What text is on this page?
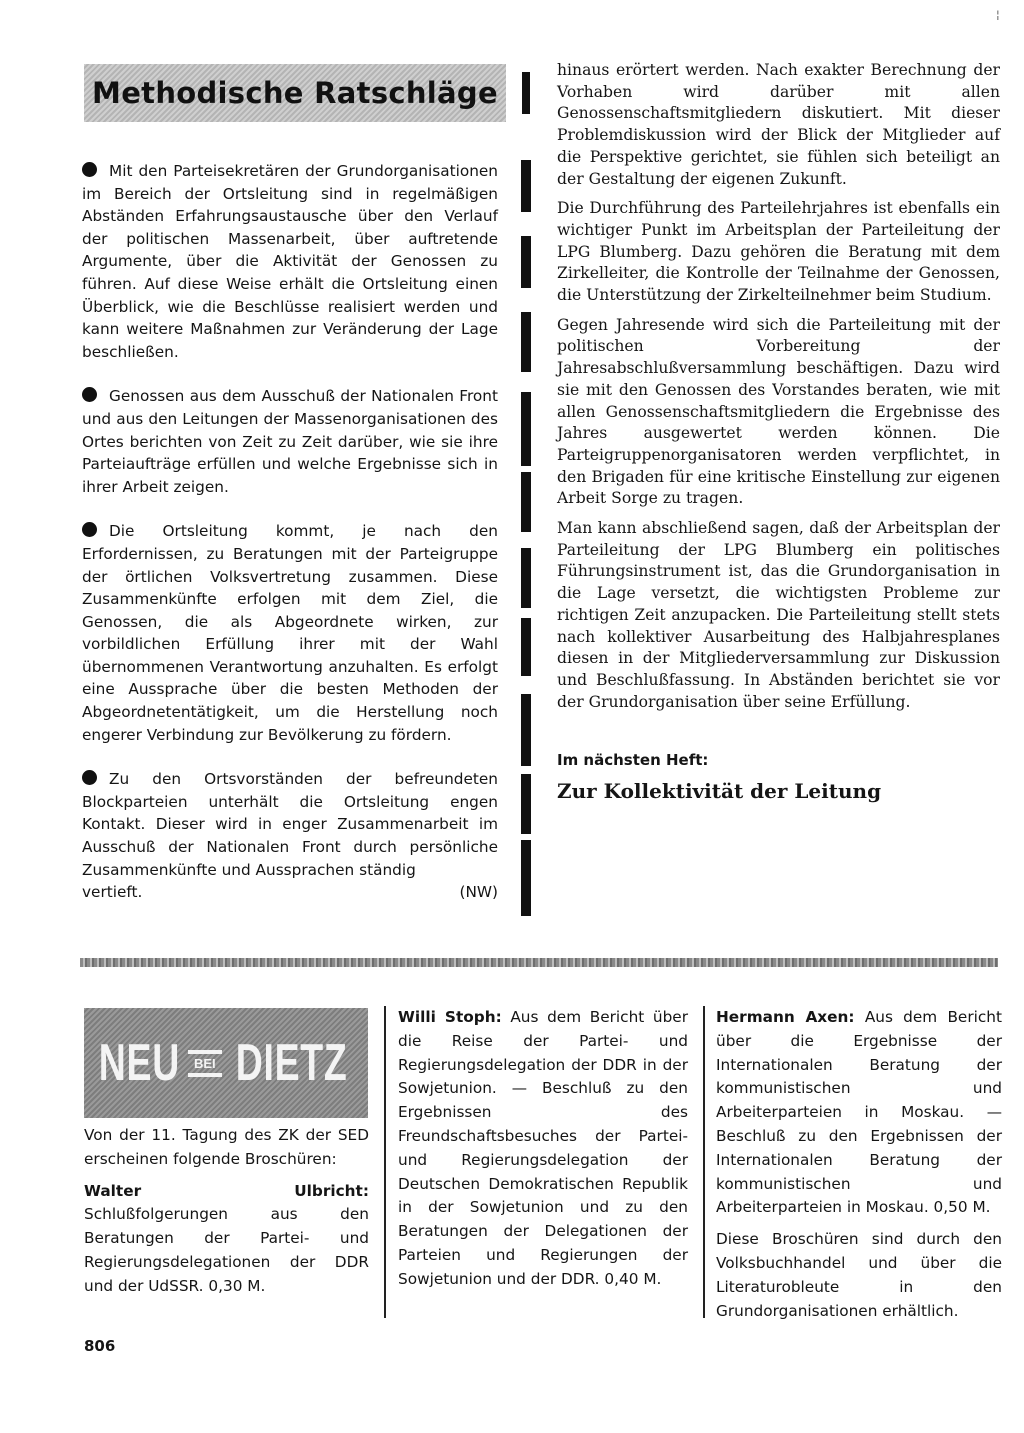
¦
Methodische Ratschläge

Mit den Parteisekretären der Grundorganisationen im Bereich der Ortsleitung sind in regelmäßigen Abständen Erfahrungsaustausche über den Verlauf der politischen Massenarbeit, über auftretende Argumente, über die Aktivität der Genossen zu führen. Auf diese Weise erhält die Ortsleitung einen Überblick, wie die Beschlüsse realisiert werden und kann weitere Maßnahmen zur Veränderung der Lage beschließen.

Genossen aus dem Ausschuß der Nationalen Front und aus den Leitungen der Massenorganisationen des Ortes berichten von Zeit zu Zeit darüber, wie sie ihre Parteiaufträge erfüllen und welche Ergebnisse sich in ihrer Arbeit zeigen.

Die Ortsleitung kommt, je nach den Erfordernissen, zu Beratungen mit der Parteigruppe der örtlichen Volksvertretung zusammen. Diese Zusammenkünfte erfolgen mit dem Ziel, die Genossen, die als Abgeordnete wirken, zur vorbildlichen Erfüllung ihrer mit der Wahl übernommenen Verantwortung anzuhalten. Es erfolgt eine Aussprache über die besten Methoden der Abgeordnetentätigkeit, um die Herstellung noch engerer Verbindung zur Bevölkerung zu fördern.

Zu den Ortsvorständen der befreundeten Blockparteien unterhält die Ortsleitung engen Kontakt. Dieser wird in enger Zusammenarbeit im Ausschuß der Nationalen Front durch persönliche Zusammenkünfte und Aussprachen ständig

vertieft.	(NW)

hinaus erörtert werden. Nach exakter Berechnung der Vorhaben wird darüber mit allen Genossenschaftsmitgliedern diskutiert. Mit dieser Problemdiskussion wird der Blick der Mitglieder auf die Perspektive gerichtet, sie fühlen sich beteiligt an der Gestaltung der eigenen Zukunft.

Die Durchführung des Parteilehrjahres ist ebenfalls ein wichtiger Punkt im Arbeitsplan der Parteileitung der LPG Blumberg. Dazu gehören die Beratung mit dem Zirkelleiter, die Kontrolle der Teilnahme der Genossen, die Unterstützung der Zirkelteilnehmer beim Studium.

Gegen Jahresende wird sich die Parteileitung mit der politischen Vorbereitung der Jahresabschlußversammlung beschäftigen. Dazu wird sie mit den Genossen des Vorstandes beraten, wie mit allen Genossenschaftsmitgliedern die Ergebnisse des Jahres ausgewertet werden können. Die Parteigruppenorganisatoren werden verpflichtet, in den Brigaden für eine kritische Einstellung zur eigenen Arbeit Sorge zu tragen.

Man kann abschließend sagen, daß der Arbeitsplan der Parteileitung der LPG Blumberg ein politisches Führungsinstrument ist, das die Grundorganisation in die Lage versetzt, die wichtigsten Probleme zur richtigen Zeit anzupacken. Die Parteileitung stellt stets nach kollektiver Ausarbeitung des Halbjahresplanes diesen in der Mitgliederversammlung zur Diskussion und Beschlußfassung. In Abständen berichtet sie vor der Grundorganisation über seine Erfüllung.

Im nächsten Heft:
Zur Kollektivität der Leitung
NEU BEI DIETZ

Von der 11. Tagung des ZK der SED erscheinen folgende Broschüren:

Walter Ulbricht: Schlußfolgerungen aus den Beratungen der Partei- und Regierungsdelegationen der DDR und der UdSSR. 0,30 M.

Willi Stoph: Aus dem Bericht über die Reise der Partei- und Regierungsdelegation der DDR in der Sowjetunion. — Beschluß zu den Ergebnissen des Freundschaftsbesuches der Partei- und Regierungsdelegation der Deutschen Demokratischen Republik in der Sowjetunion und zu den Beratungen der Delegationen der Parteien und Regierungen der Sowjetunion und der DDR. 0,40 M.

Hermann Axen: Aus dem Bericht über die Ergebnisse der Internationalen Beratung der kommunistischen und Arbeiterparteien in Moskau. — Beschluß zu den Ergebnissen der Internationalen Beratung der kommunistischen und Arbeiterparteien in Moskau. 0,50 M.

Diese Broschüren sind durch den Volksbuchhandel und über die Literaturobleute in den Grundorganisationen erhältlich.

806
